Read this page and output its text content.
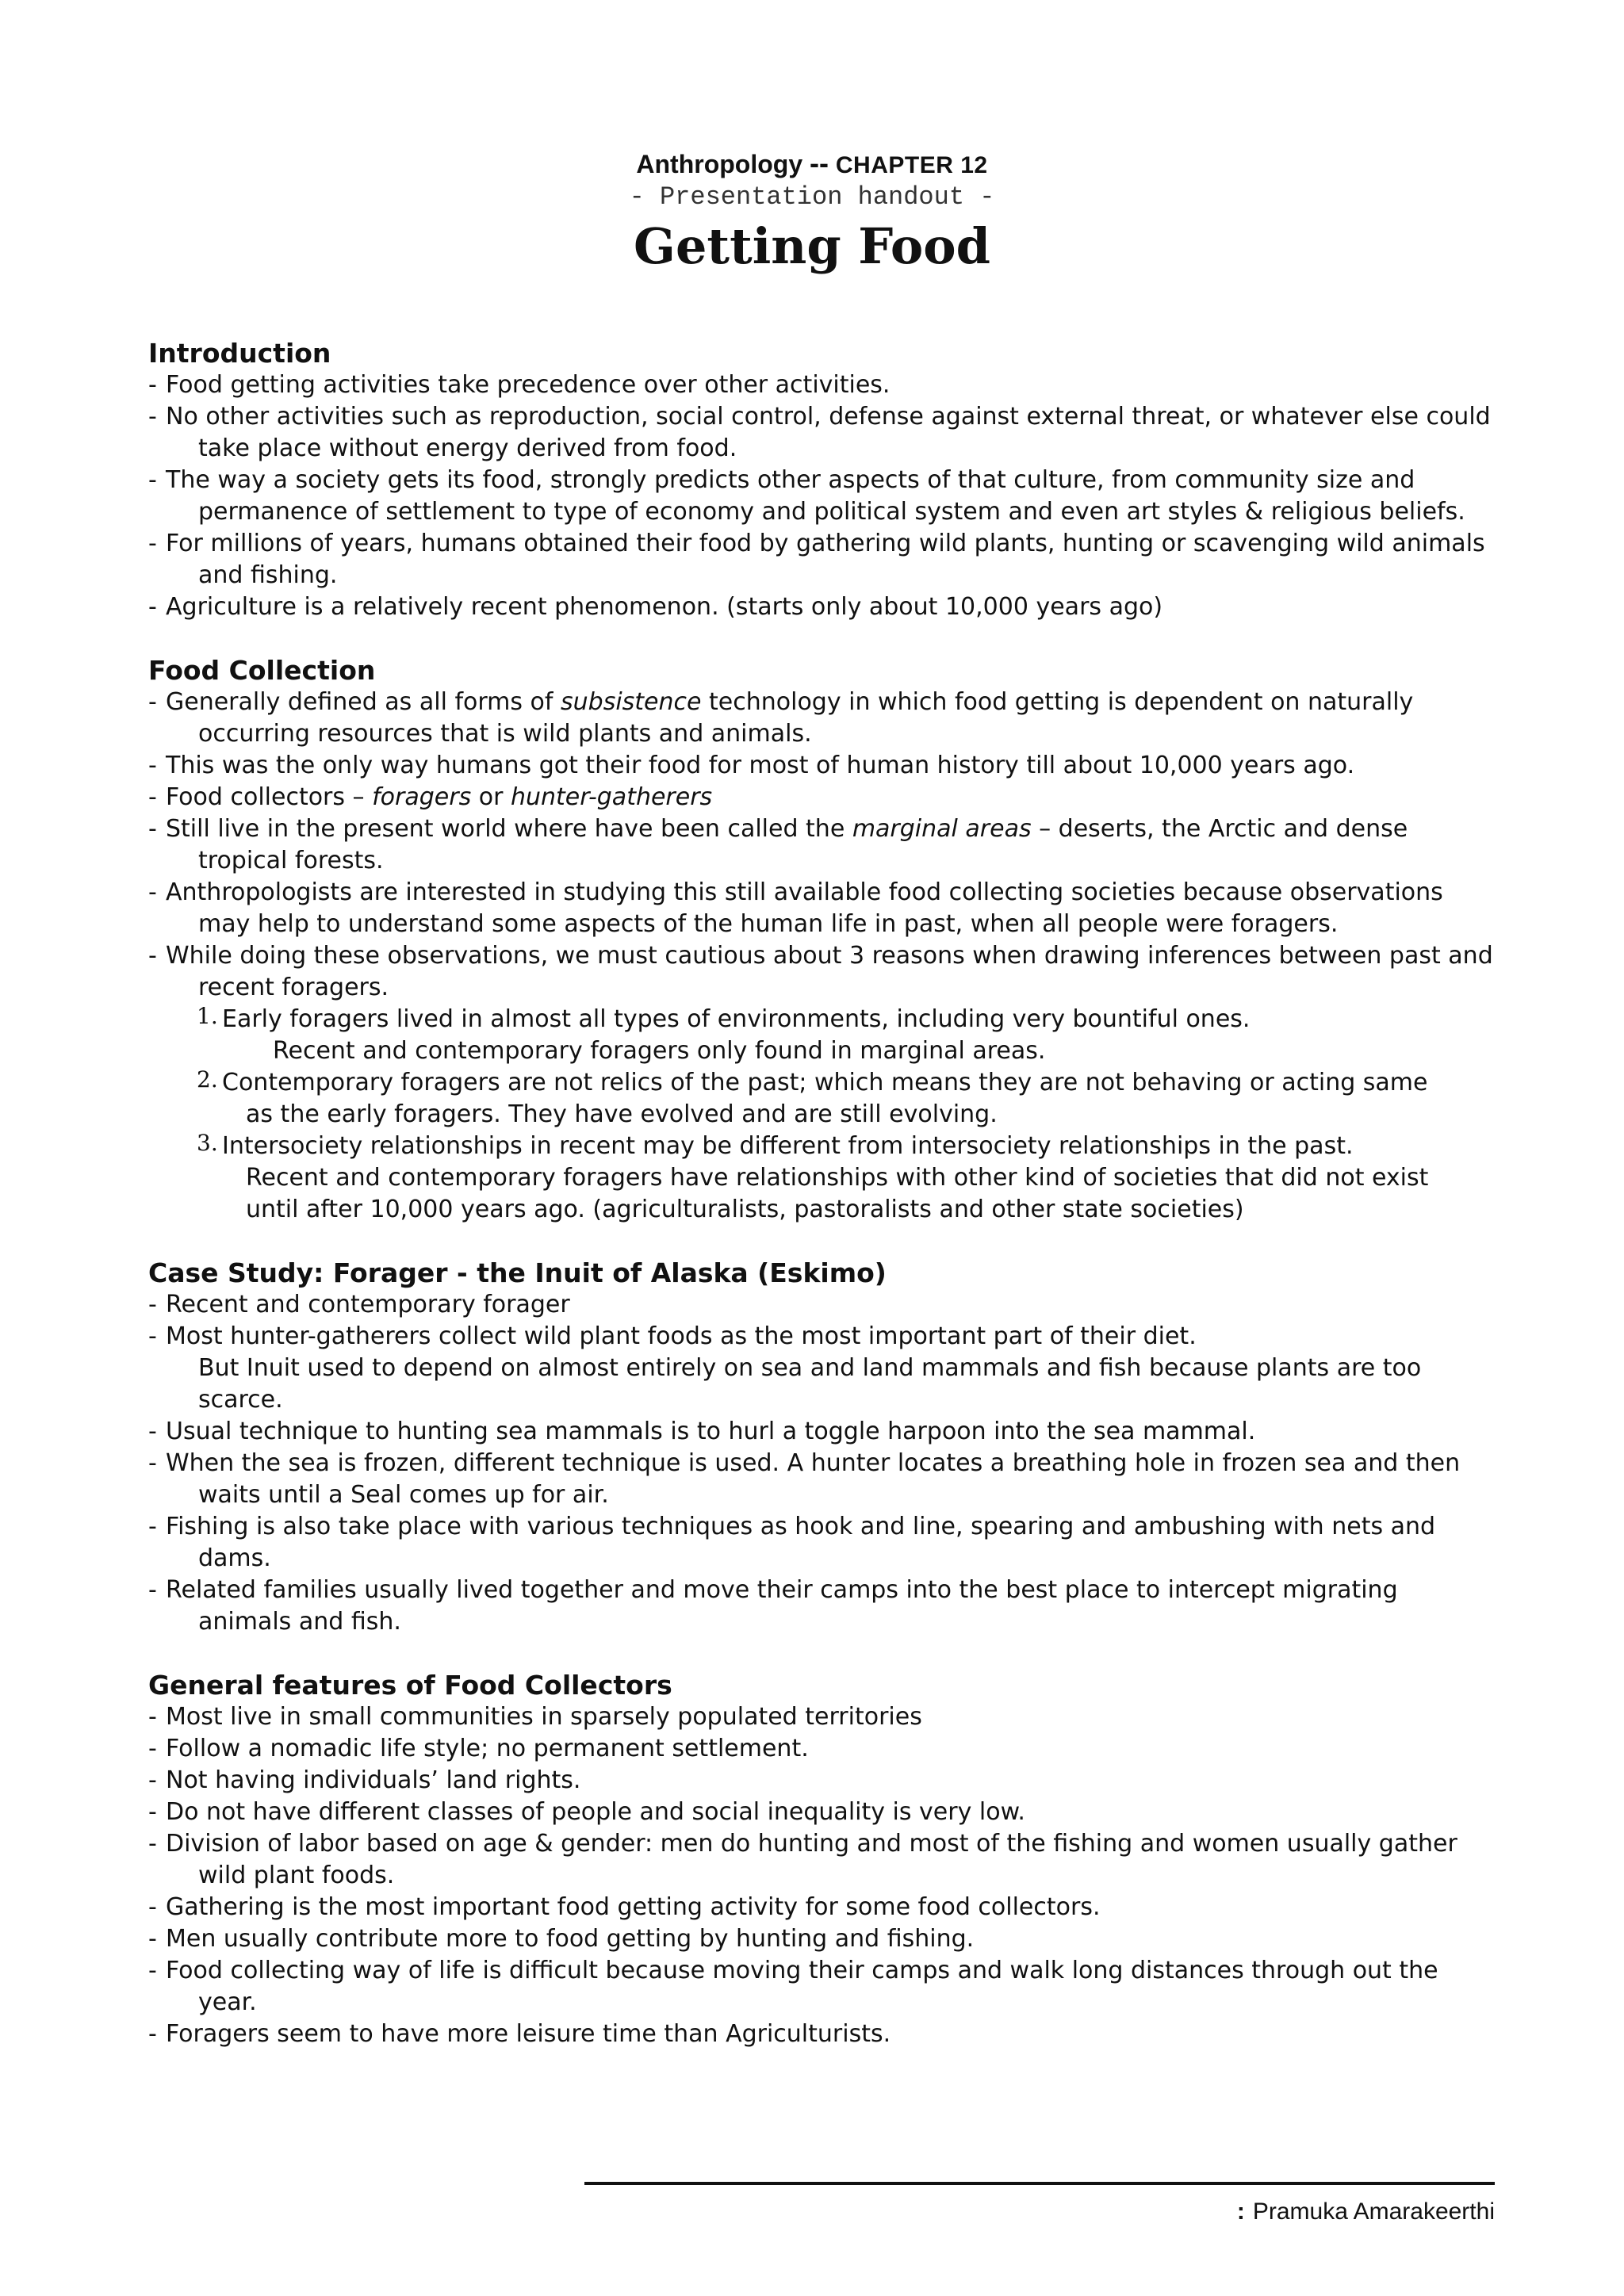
Anthropology -- CHAPTER 12
- Presentation handout -
Getting Food
Introduction
- Food getting activities take precedence over other activities.
- No other activities such as reproduction, social control, defense against external threat, or whatever else could take place without energy derived from food.
- The way a society gets its food, strongly predicts other aspects of that culture, from community size and permanence of settlement to type of economy and political system and even art styles & religious beliefs.
- For millions of years, humans obtained their food by gathering wild plants, hunting or scavenging wild animals and fishing.
- Agriculture is a relatively recent phenomenon. (starts only about 10,000 years ago)
Food Collection
- Generally defined as all forms of subsistence technology in which food getting is dependent on naturally occurring resources that is wild plants and animals.
- This was the only way humans got their food for most of human history till about 10,000 years ago.
- Food collectors – foragers or hunter-gatherers
- Still live in the present world where have been called the marginal areas – deserts, the Arctic and dense tropical forests.
- Anthropologists are interested in studying this still available food collecting societies because observations may help to understand some aspects of the human life in past, when all people were foragers.
- While doing these observations, we must cautious about 3 reasons when drawing inferences between past and recent foragers.
1. Early foragers lived in almost all types of environments, including very bountiful ones.
Recent and contemporary foragers only found in marginal areas.
2. Contemporary foragers are not relics of the past; which means they are not behaving or acting same
as the early foragers. They have evolved and are still evolving.
3. Intersociety relationships in recent may be different from intersociety relationships in the past.
Recent and contemporary foragers have relationships with other kind of societies that did not exist
until after 10,000 years ago. (agriculturalists, pastoralists and other state societies)
Case Study: Forager - the Inuit of Alaska (Eskimo)
- Recent and contemporary forager
- Most hunter-gatherers collect wild plant foods as the most important part of their diet.
But Inuit used to depend on almost entirely on sea and land mammals and fish because plants are too scarce.
- Usual technique to hunting sea mammals is to hurl a toggle harpoon into the sea mammal.
- When the sea is frozen, different technique is used. A hunter locates a breathing hole in frozen sea and then waits until a Seal comes up for air.
- Fishing is also take place with various techniques as hook and line, spearing and ambushing with nets and dams.
- Related families usually lived together and move their camps into the best place to intercept migrating animals and fish.
General features of Food Collectors
- Most live in small communities in sparsely populated territories
- Follow a nomadic life style; no permanent settlement.
- Not having individuals’ land rights.
- Do not have different classes of people and social inequality is very low.
- Division of labor based on age & gender: men do hunting and most of the fishing and women usually gather wild plant foods.
- Gathering is the most important food getting activity for some food collectors.
- Men usually contribute more to food getting by hunting and fishing.
- Food collecting way of life is difficult because moving their camps and walk long distances through out the year.
- Foragers seem to have more leisure time than Agriculturists.
: Pramuka Amarakeerthi
